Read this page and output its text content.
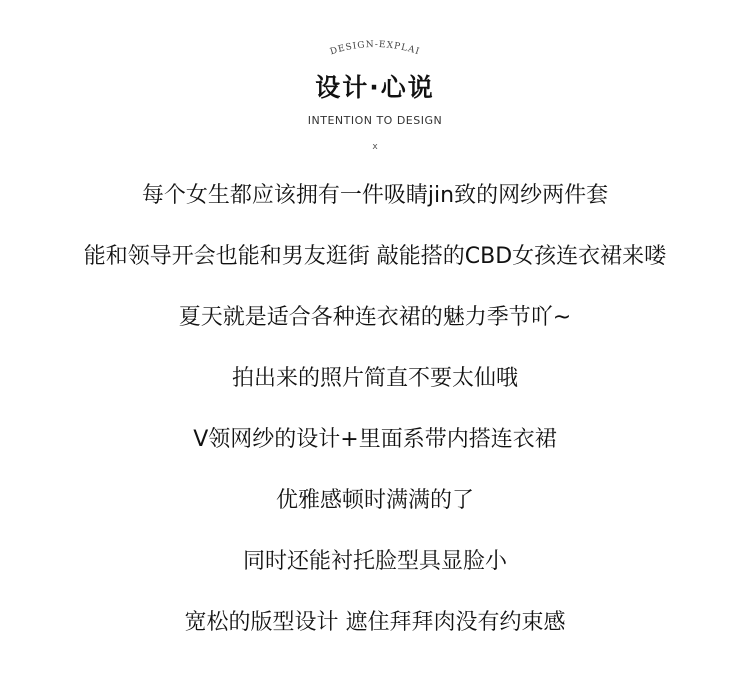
DESIGN-EXPLAI
设计·心说
INTENTION TO DESIGN
x
每个女生都应该拥有一件吸睛jin致的网纱两件套
能和领导开会也能和男友逛街 敲能搭的CBD女孩连衣裙来喽
夏天就是适合各种连衣裙的魅力季节吖~
拍出来的照片简直不要太仙哦
V领网纱的设计+里面系带内搭连衣裙
优雅感顿时满满的了
同时还能衬托脸型具显脸小
宽松的版型设计 遮住拜拜肉没有约束感
